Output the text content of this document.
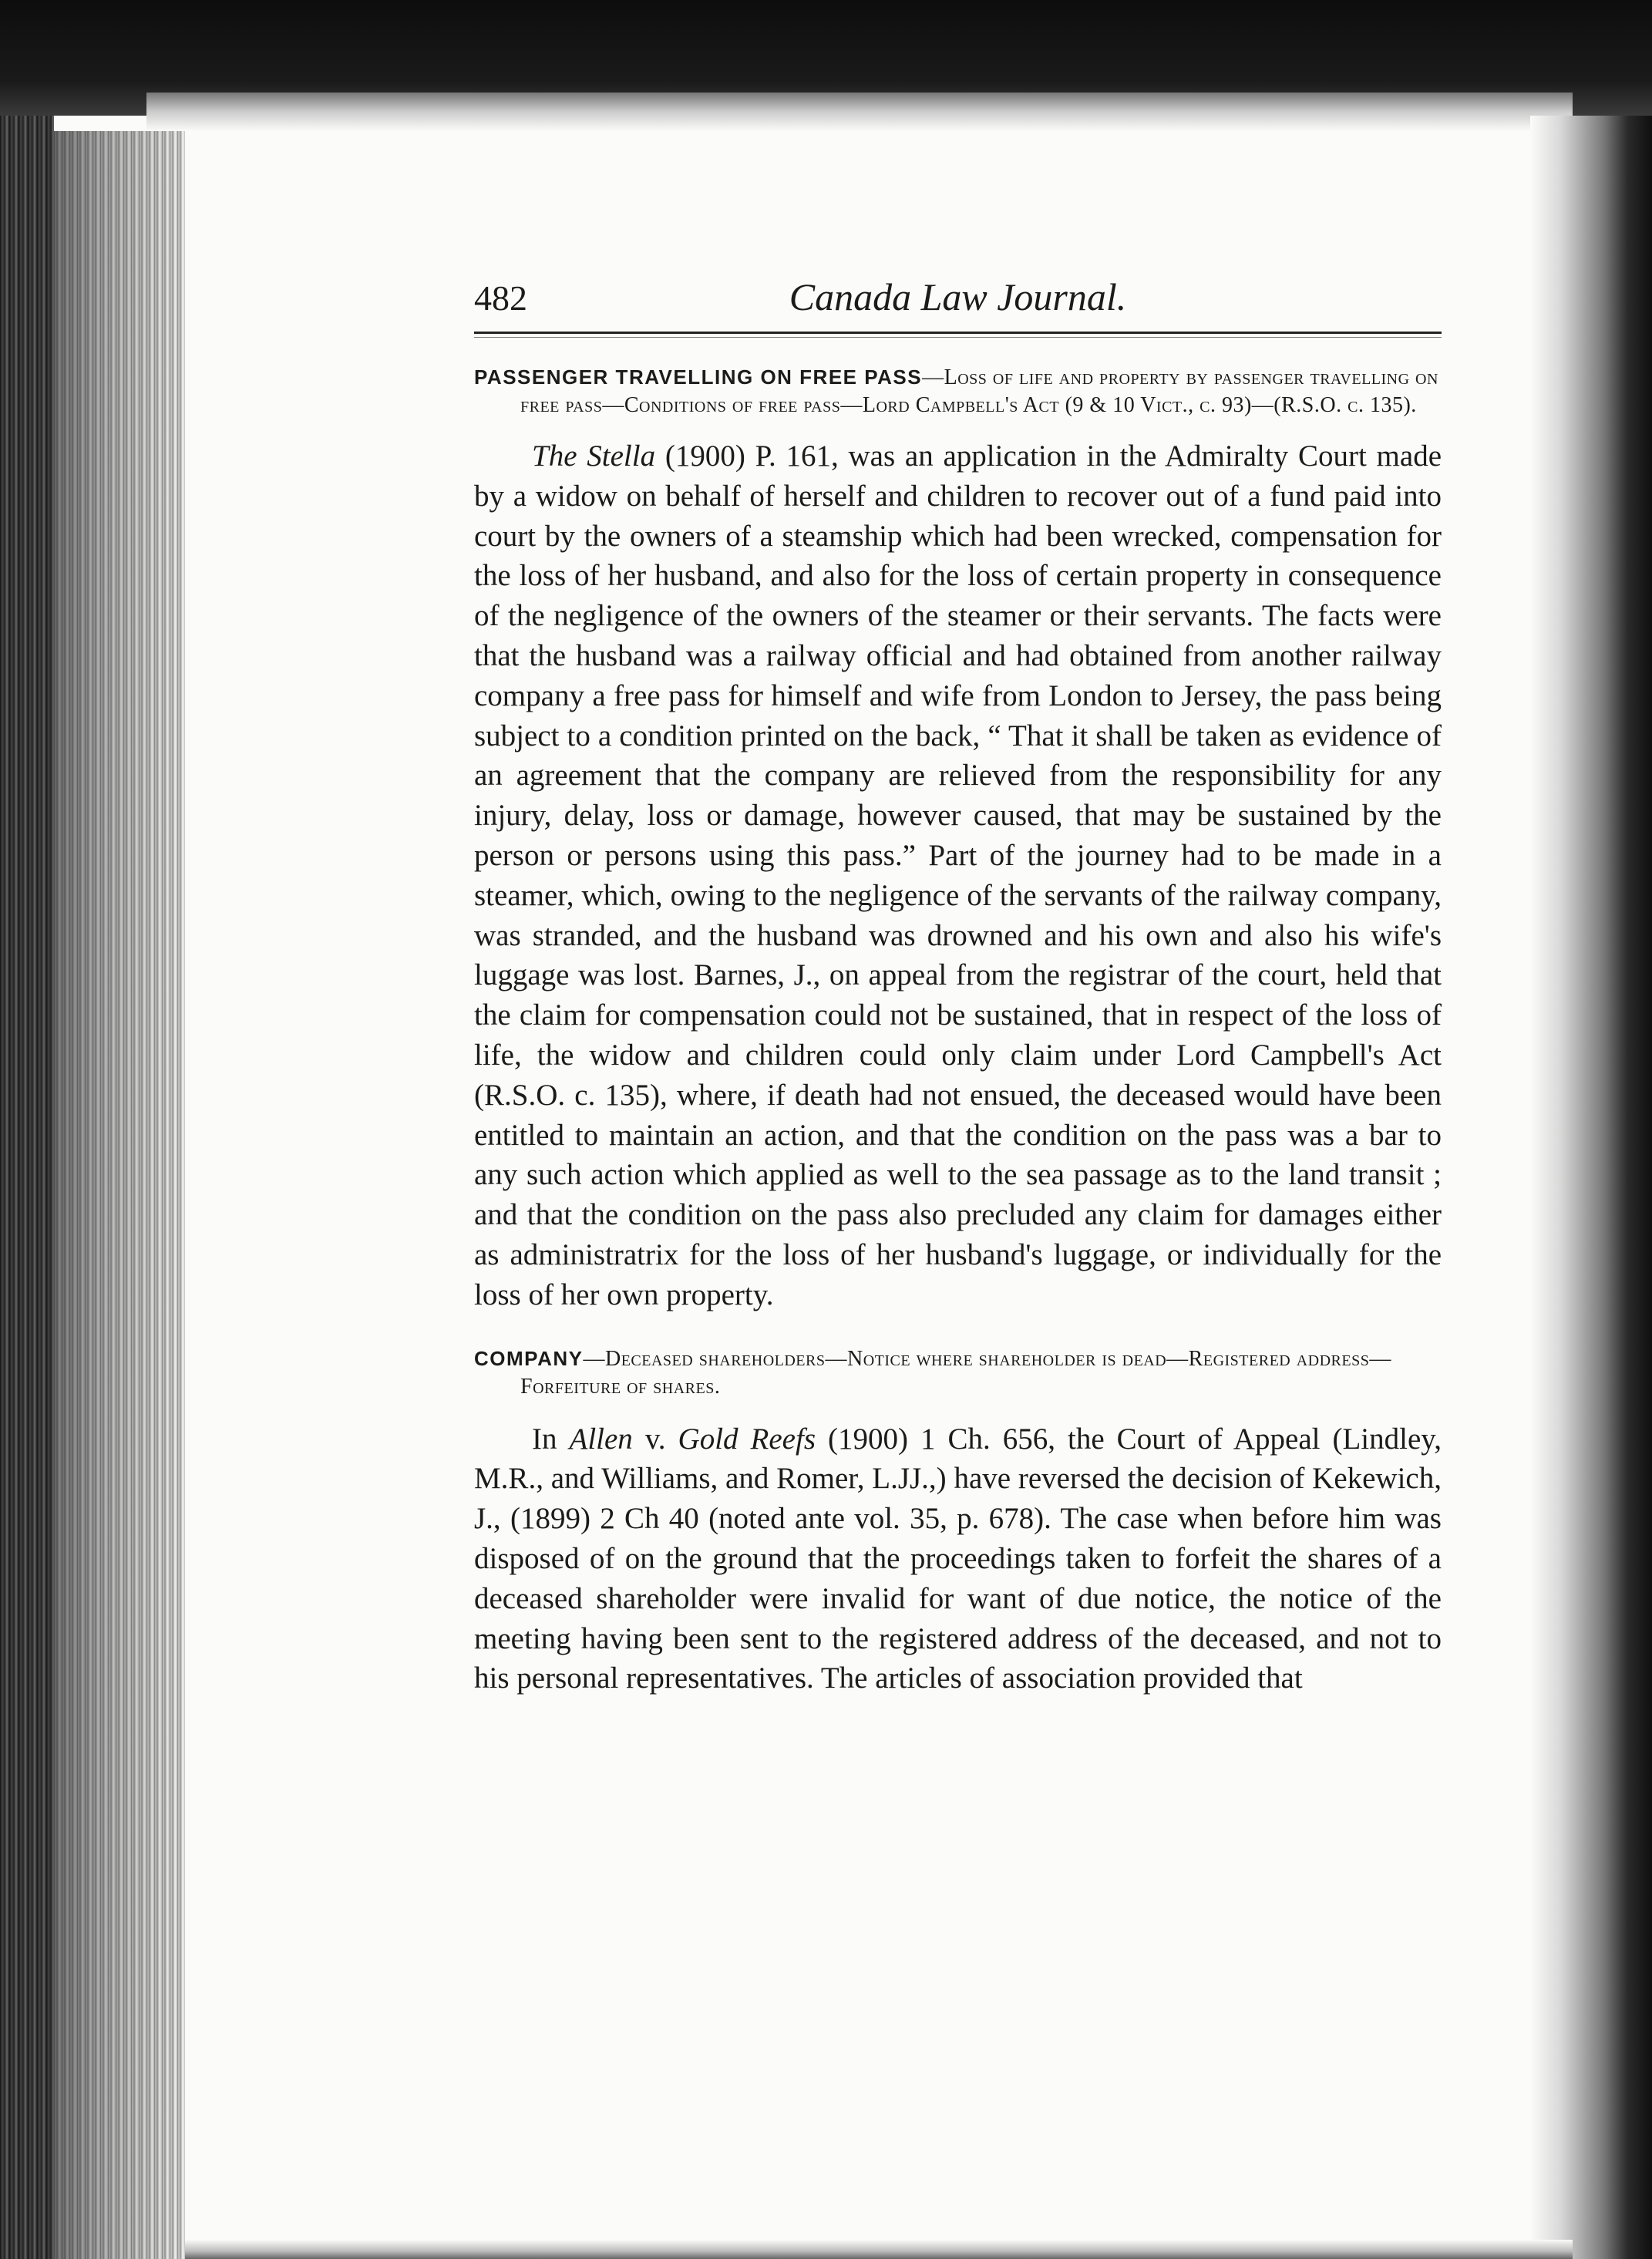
482	Canada Law Journal.
PASSENGER TRAVELLING ON FREE PASS—Loss of life and property by passenger travelling on free pass—Conditions of free pass—Lord Campbell's Act (9 & 10 Vict., c. 93)—(R.S.O. c. 135).

The Stella (1900) P. 161, was an application in the Admiralty Court made by a widow on behalf of herself and children to recover out of a fund paid into court by the owners of a steamship which had been wrecked, compensation for the loss of her husband, and also for the loss of certain property in consequence of the negligence of the owners of the steamer or their servants. The facts were that the husband was a railway official and had obtained from another railway company a free pass for himself and wife from London to Jersey, the pass being subject to a condition printed on the back, “ That it shall be taken as evidence of an agreement that the company are relieved from the responsibility for any injury, delay, loss or damage, however caused, that may be sustained by the person or persons using this pass.” Part of the journey had to be made in a steamer, which, owing to the negligence of the servants of the railway company, was stranded, and the husband was drowned and his own and also his wife's luggage was lost. Barnes, J., on appeal from the registrar of the court, held that the claim for compensation could not be sustained, that in respect of the loss of life, the widow and children could only claim under Lord Campbell's Act (R.S.O. c. 135), where, if death had not ensued, the deceased would have been entitled to maintain an action, and that the condition on the pass was a bar to any such action which applied as well to the sea passage as to the land transit ; and that the condition on the pass also precluded any claim for damages either as administratrix for the loss of her husband's luggage, or individually for the loss of her own property.

COMPANY—Deceased shareholders—Notice where shareholder is dead—Registered address—Forfeiture of shares.

In Allen v. Gold Reefs (1900) 1 Ch. 656, the Court of Appeal (Lindley, M.R., and Williams, and Romer, L.JJ.,) have reversed the decision of Kekewich, J., (1899) 2 Ch 40 (noted ante vol. 35, p. 678). The case when before him was disposed of on the ground that the proceedings taken to forfeit the shares of a deceased shareholder were invalid for want of due notice, the notice of the meeting having been sent to the registered address of the deceased, and not to his personal representatives. The articles of association provided that
